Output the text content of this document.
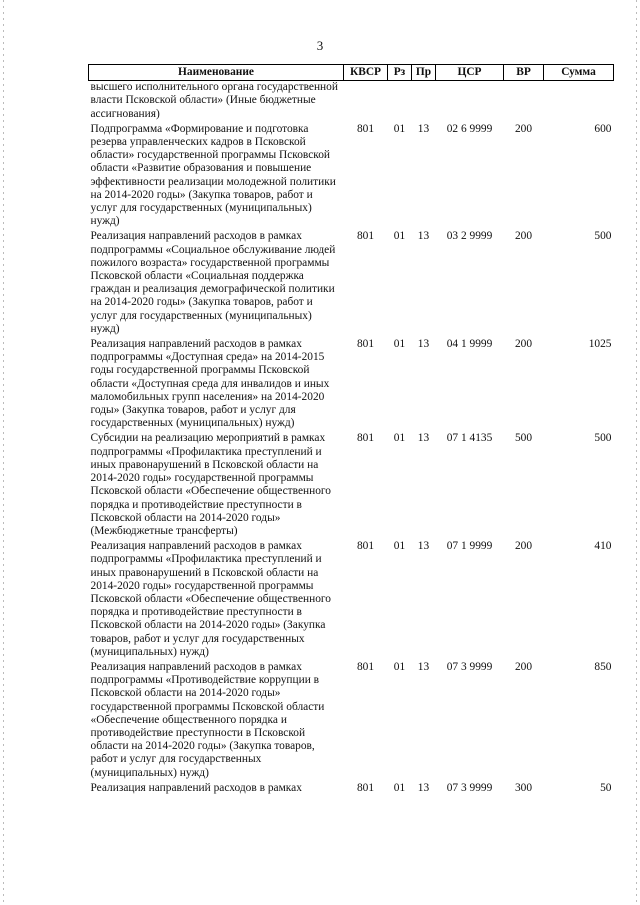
3
Наименование	КВСР	Рз	Пр	ЦСР	ВР	Сумма
высшего исполнительного органа государственной власти Псковской области» (Иные бюджетные ассигнования)						
Подпрограмма «Формирование и подготовка резерва управленческих кадров в Псковской области» государственной программы Псковской области «Развитие образования и повышение эффективности реализации молодежной политики на 2014-2020 годы» (Закупка товаров, работ и услуг для государственных (муниципальных) нужд)	801	01	13	02 6 9999	200	600
Реализация направлений расходов в рамках подпрограммы «Социальное обслуживание людей пожилого возраста» государственной программы Псковской области «Социальная поддержка граждан и реализация демографической политики на 2014-2020 годы» (Закупка товаров, работ и услуг для государственных (муниципальных) нужд)	801	01	13	03 2 9999	200	500
Реализация направлений расходов в рамках подпрограммы «Доступная среда» на 2014-2015 годы государственной программы Псковской области «Доступная среда для инвалидов и иных маломобильных групп населения» на 2014-2020 годы» (Закупка товаров, работ и услуг для государственных (муниципальных) нужд)	801	01	13	04 1 9999	200	1025
Субсидии на реализацию мероприятий в рамках подпрограммы «Профилактика преступлений и иных правонарушений в Псковской области на 2014-2020 годы» государственной программы Псковской области «Обеспечение общественного порядка и противодействие преступности в Псковской области на 2014-2020 годы» (Межбюджетные трансферты)	801	01	13	07 1 4135	500	500
Реализация направлений расходов в рамках подпрограммы «Профилактика преступлений и иных правонарушений в Псковской области на 2014-2020 годы» государственной программы Псковской области «Обеспечение общественного порядка и противодействие преступности в Псковской области на 2014-2020 годы» (Закупка товаров, работ и услуг для государственных (муниципальных) нужд)	801	01	13	07 1 9999	200	410
Реализация направлений расходов в рамках подпрограммы «Противодействие коррупции в Псковской области на 2014-2020 годы» государственной программы Псковской области «Обеспечение общественного порядка и противодействие преступности в Псковской области на 2014-2020 годы» (Закупка товаров, работ и услуг для государственных (муниципальных) нужд)	801	01	13	07 3 9999	200	850
Реализация направлений расходов в рамках	801	01	13	07 3 9999	300	50
